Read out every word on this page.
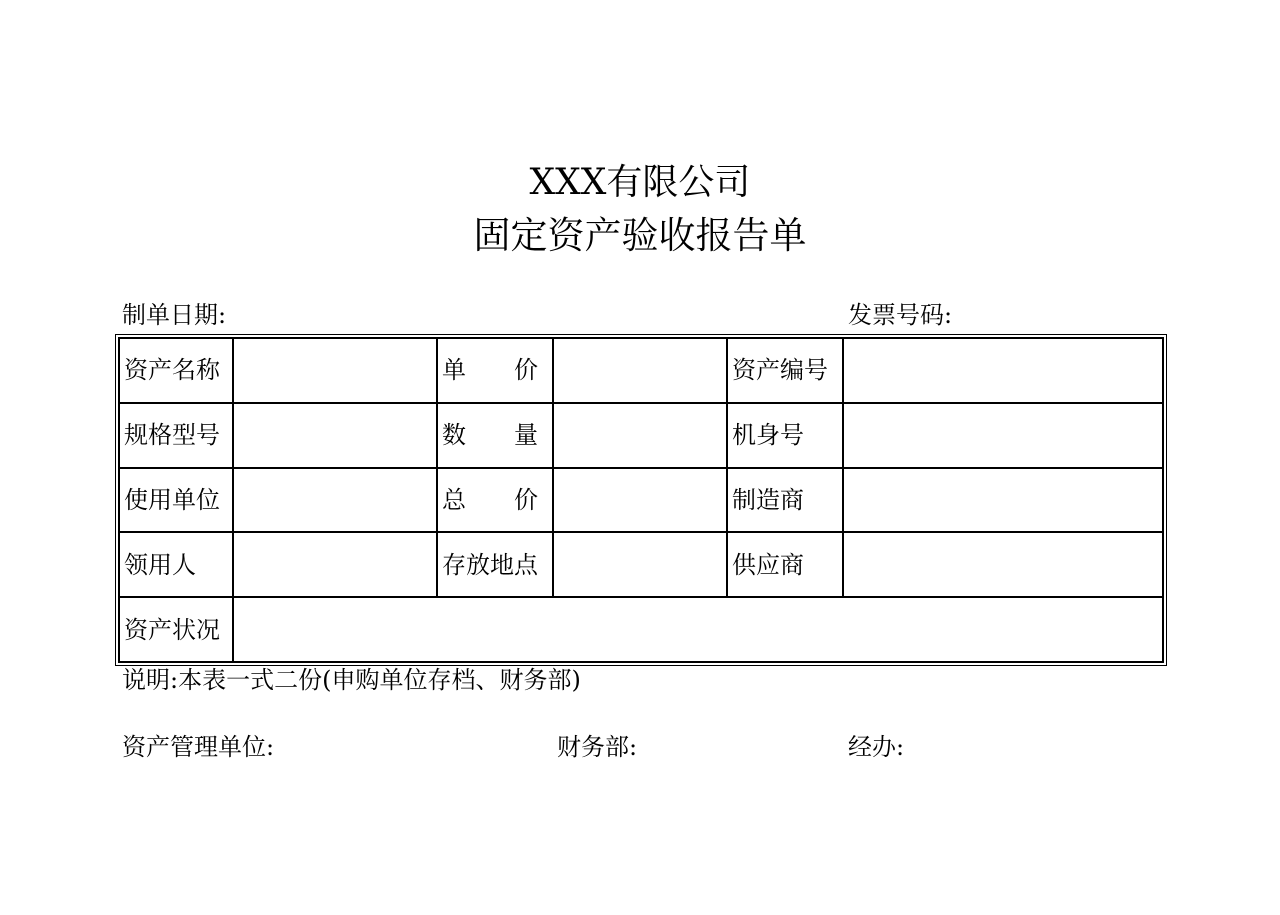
XXX有限公司
固定资产验收报告单
制单日期:	发票号码:
资产名称		单　　价		资产编号	
规格型号		数　　量		机身号	
使用单位		总　　价		制造商	
领用人		存放地点		供应商	
资产状况					
说明:本表一式二份(申购单位存档、财务部)
资产管理单位:	财务部:	经办:
